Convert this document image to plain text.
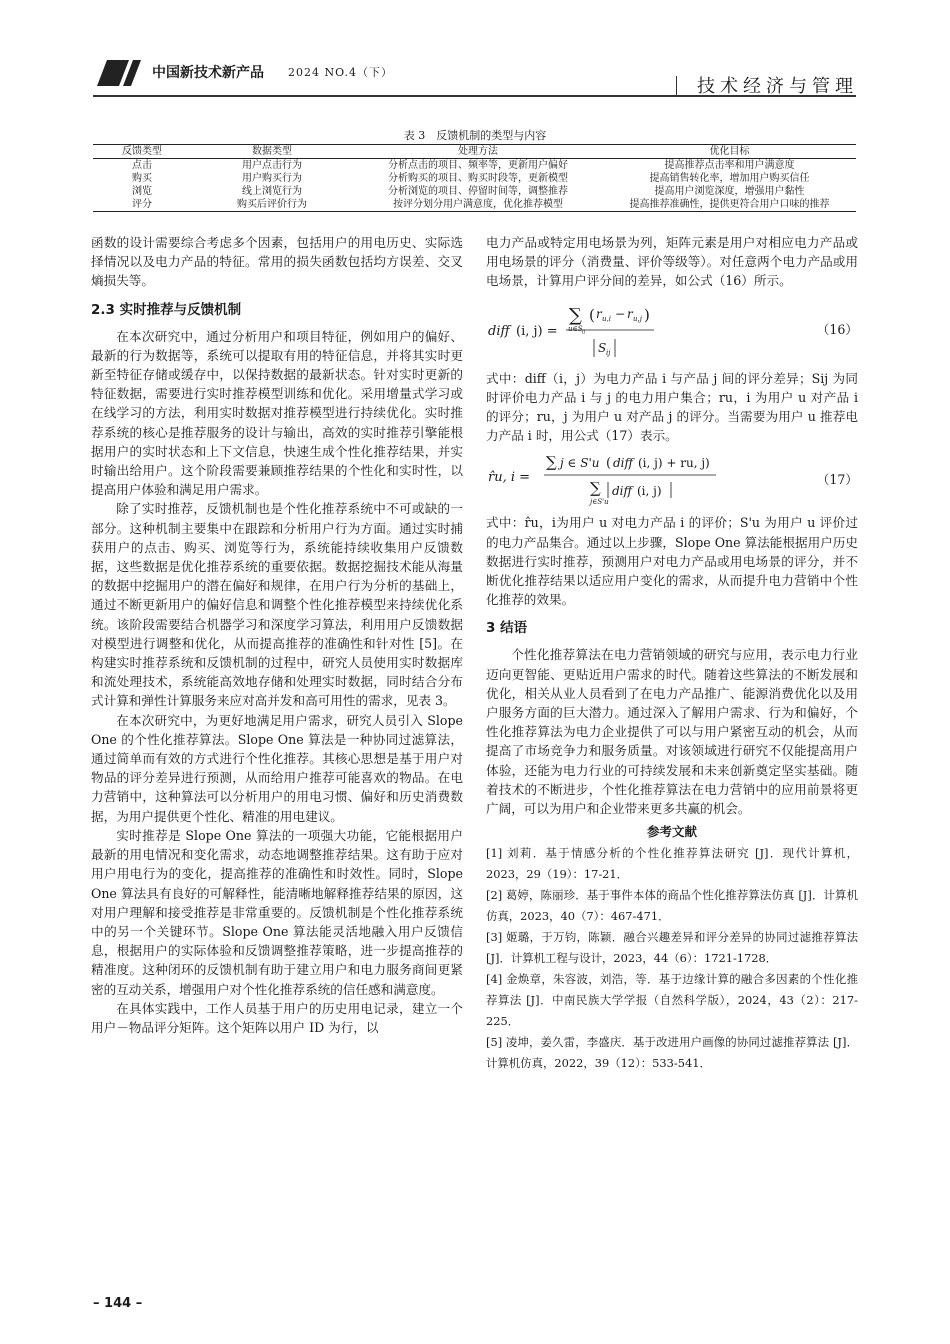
中国新技术新产品 2024 NO.4（下）
技术经济与管理
表 3　反馈机制的类型与内容
反馈类型	数据类型	处理方法	优化目标
点击	用户点击行为	分析点击的项目、频率等，更新用户偏好	提高推荐点击率和用户满意度
购买	用户购买行为	分析购买的项目、购买时段等，更新模型	提高销售转化率，增加用户购买信任
浏览	线上浏览行为	分析浏览的项目、停留时间等，调整推荐	提高用户浏览深度，增强用户黏性
评分	购买后评价行为	按评分划分用户满意度，优化推荐模型	提高推荐准确性，提供更符合用户口味的推荐

函数的设计需要综合考虑多个因素，包括用户的用电历史、实际选择情况以及电力产品的特征。常用的损失函数包括均方误差、交叉熵损失等。

2.3 实时推荐与反馈机制

在本次研究中，通过分析用户和项目特征，例如用户的偏好、最新的行为数据等，系统可以提取有用的特征信息，并将其实时更新至特征存储或缓存中，以保持数据的最新状态。针对实时更新的特征数据，需要进行实时推荐模型训练和优化。采用增量式学习或在线学习的方法，利用实时数据对推荐模型进行持续优化。实时推荐系统的核心是推荐服务的设计与输出，高效的实时推荐引擎能根据用户的实时状态和上下文信息，快速生成个性化推荐结果，并实时输出给用户。这个阶段需要兼顾推荐结果的个性化和实时性，以提高用户体验和满足用户需求。

除了实时推荐，反馈机制也是个性化推荐系统中不可或缺的一部分。这种机制主要集中在跟踪和分析用户行为方面。通过实时捕获用户的点击、购买、浏览等行为，系统能持续收集用户反馈数据，这些数据是优化推荐系统的重要依据。数据挖掘技术能从海量的数据中挖掘用户的潜在偏好和规律，在用户行为分析的基础上，通过不断更新用户的偏好信息和调整个性化推荐模型来持续优化系统。该阶段需要结合机器学习和深度学习算法，利用用户反馈数据对模型进行调整和优化，从而提高推荐的准确性和针对性 [5]。在构建实时推荐系统和反馈机制的过程中，研究人员使用实时数据库和流处理技术，系统能高效地存储和处理实时数据，同时结合分布式计算和弹性计算服务来应对高并发和高可用性的需求，见表 3。

在本次研究中，为更好地满足用户需求，研究人员引入 Slope One 的个性化推荐算法。Slope One 算法是一种协同过滤算法，通过简单而有效的方式进行个性化推荐。其核心思想是基于用户对物品的评分差异进行预测，从而给用户推荐可能喜欢的物品。在电力营销中，这种算法可以分析用户的用电习惯、偏好和历史消费数据，为用户提供更个性化、精准的用电建议。

实时推荐是 Slope One 算法的一项强大功能，它能根据用户最新的用电情况和变化需求，动态地调整推荐结果。这有助于应对用户用电行为的变化，提高推荐的准确性和时效性。同时，Slope One 算法具有良好的可解释性，能清晰地解释推荐结果的原因，这对用户理解和接受推荐是非常重要的。反馈机制是个性化推荐系统中的另一个关键环节。Slope One 算法能灵活地融入用户反馈信息，根据用户的实际体验和反馈调整推荐策略，进一步提高推荐的精准度。这种闭环的反馈机制有助于建立用户和电力服务商间更紧密的互动关系，增强用户对个性化推荐系统的信任感和满意度。

在具体实践中，工作人员基于用户的历史用电记录，建立一个用户－物品评分矩阵。这个矩阵以用户 ID 为行，以

电力产品或特定用电场景为列，矩阵元素是用户对相应电力产品或用电场景的评分（消费量、评价等级等）。对任意两个电力产品或用电场景，计算用户评分间的差异，如公式（16）所示。

diff (i, j) =
∑
u∈S ij
( r u,i − r u,j )
S ij
（16）

式中：diff（i，j）为电力产品 i 与产品 j 间的评分差异；Sij 为同时评价电力产品 i 与 j 的电力用户集合；ru，i 为用户 u 对产品 i 的评分；ru，j 为用户 u 对产品 j 的评分。当需要为用户 u 推荐电力产品 i 时，用公式（17）表示。

r̂u, i =
∑ j ∈ S'u ( diff (i, j) + ru, j)
∑
j∈S'u
diff (i, j)
（17）

式中：r̂u，i为用户 u 对电力产品 i 的评价；S'u 为用户 u 评价过的电力产品集合。通过以上步骤，Slope One 算法能根据用户历史数据进行实时推荐，预测用户对电力产品或用电场景的评分，并不断优化推荐结果以适应用户变化的需求，从而提升电力营销中个性化推荐的效果。

3 结语

个性化推荐算法在电力营销领域的研究与应用，表示电力行业迈向更智能、更贴近用户需求的时代。随着这些算法的不断发展和优化，相关从业人员看到了在电力产品推广、能源消费优化以及用户服务方面的巨大潜力。通过深入了解用户需求、行为和偏好，个性化推荐算法为电力企业提供了可以与用户紧密互动的机会，从而提高了市场竞争力和服务质量。对该领域进行研究不仅能提高用户体验，还能为电力行业的可持续发展和未来创新奠定坚实基础。随着技术的不断进步，个性化推荐算法在电力营销中的应用前景将更广阔，可以为用户和企业带来更多共赢的机会。

参考文献

[1] 刘莉．基于情感分析的个性化推荐算法研究 [J]．现代计算机，2023，29（19）：17-21．

[2] 葛婷，陈丽珍．基于事件本体的商品个性化推荐算法仿真 [J]．计算机仿真，2023，40（7）：467-471．

[3] 姬璐，于万钧，陈颖．融合兴趣差异和评分差异的协同过滤推荐算法 [J]．计算机工程与设计，2023，44（6）：1721-1728．

[4] 金焕章，朱容波，刘浩，等．基于边缘计算的融合多因素的个性化推荐算法 [J]．中南民族大学学报（自然科学版），2024，43（2）：217-225．

[5] 凌坤，姜久雷，李盛庆．基于改进用户画像的协同过滤推荐算法 [J]．计算机仿真，2022，39（12）：533-541．

– 144 –
